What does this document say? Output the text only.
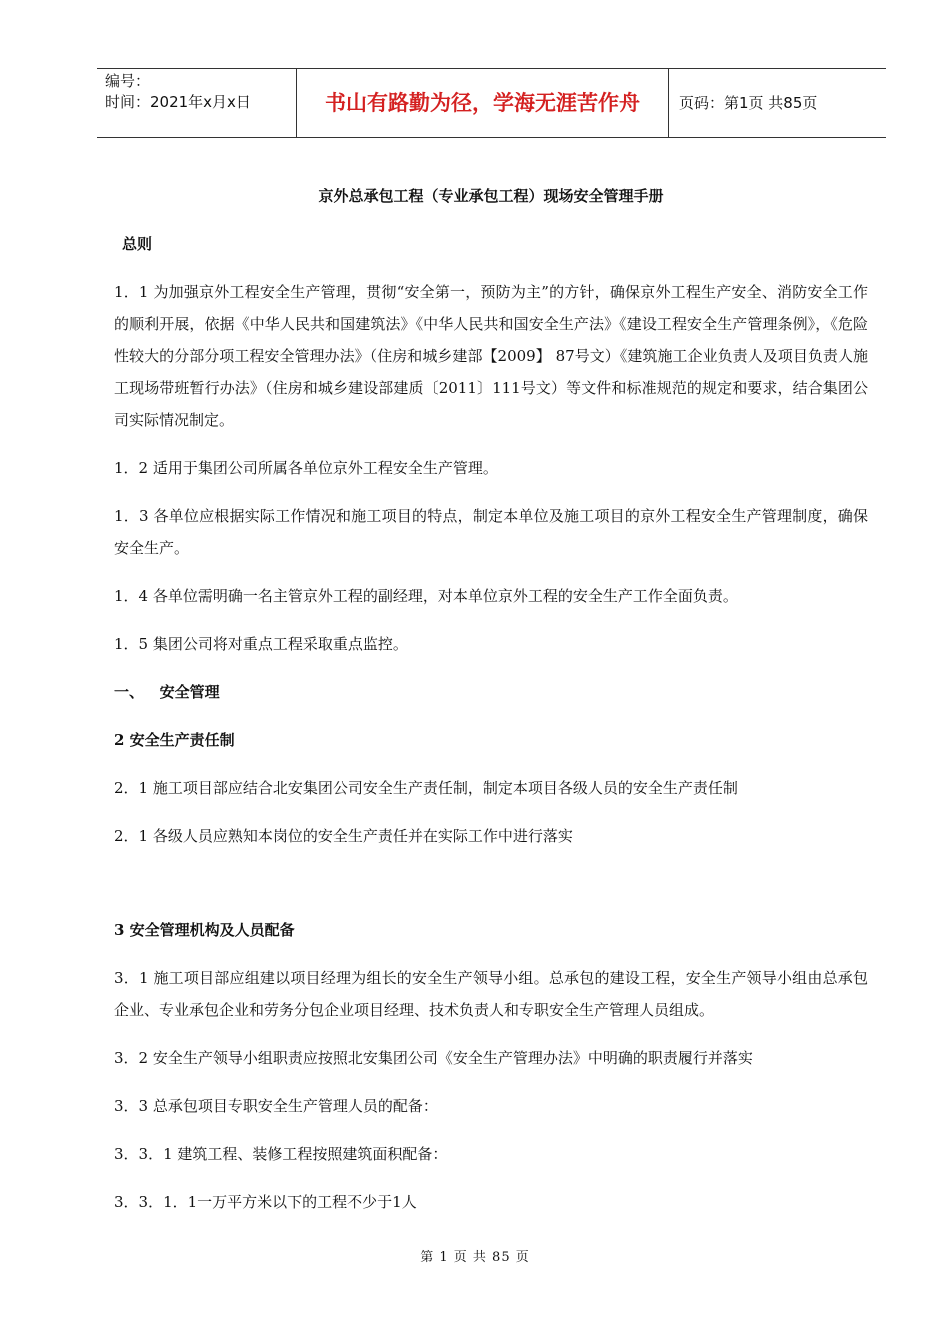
编号：
时间：2021年x月x日	书山有路勤为径，学海无涯苦作舟	页码：第1页 共85页
京外总承包工程（专业承包工程）现场安全管理手册
总则
1．1 为加强京外工程安全生产管理，贯彻“安全第一，预防为主”的方针，确保京外工程生产安全、消防安全工作的顺利开展，依据《中华人民共和国建筑法》《中华人民共和国安全生产法》《建设工程安全生产管理条例》，《危险性较大的分部分项工程安全管理办法》（住房和城乡建部【2009】 87号文）《建筑施工企业负责人及项目负责人施工现场带班暂行办法》（住房和城乡建设部建质〔2011〕111号文）等文件和标准规范的规定和要求，结合集团公司实际情况制定。
1．2 适用于集团公司所属各单位京外工程安全生产管理。
1．3 各单位应根据实际工作情况和施工项目的特点，制定本单位及施工项目的京外工程安全生产管理制度，确保安全生产。
1．4 各单位需明确一名主管京外工程的副经理，对本单位京外工程的安全生产工作全面负责。
1．5 集团公司将对重点工程采取重点监控。
一、   安全管理
2 安全生产责任制
2．1 施工项目部应结合北安集团公司安全生产责任制，制定本项目各级人员的安全生产责任制
2．1 各级人员应熟知本岗位的安全生产责任并在实际工作中进行落实
3 安全管理机构及人员配备
3．1 施工项目部应组建以项目经理为组长的安全生产领导小组。总承包的建设工程，安全生产领导小组由总承包企业、专业承包企业和劳务分包企业项目经理、技术负责人和专职安全生产管理人员组成。
3．2 安全生产领导小组职责应按照北安集团公司《安全生产管理办法》中明确的职责履行并落实
3．3 总承包项目专职安全生产管理人员的配备：
3．3．1 建筑工程、装修工程按照建筑面积配备：
3．3．1．1一万平方米以下的工程不少于1人
第 1 页 共 85 页
